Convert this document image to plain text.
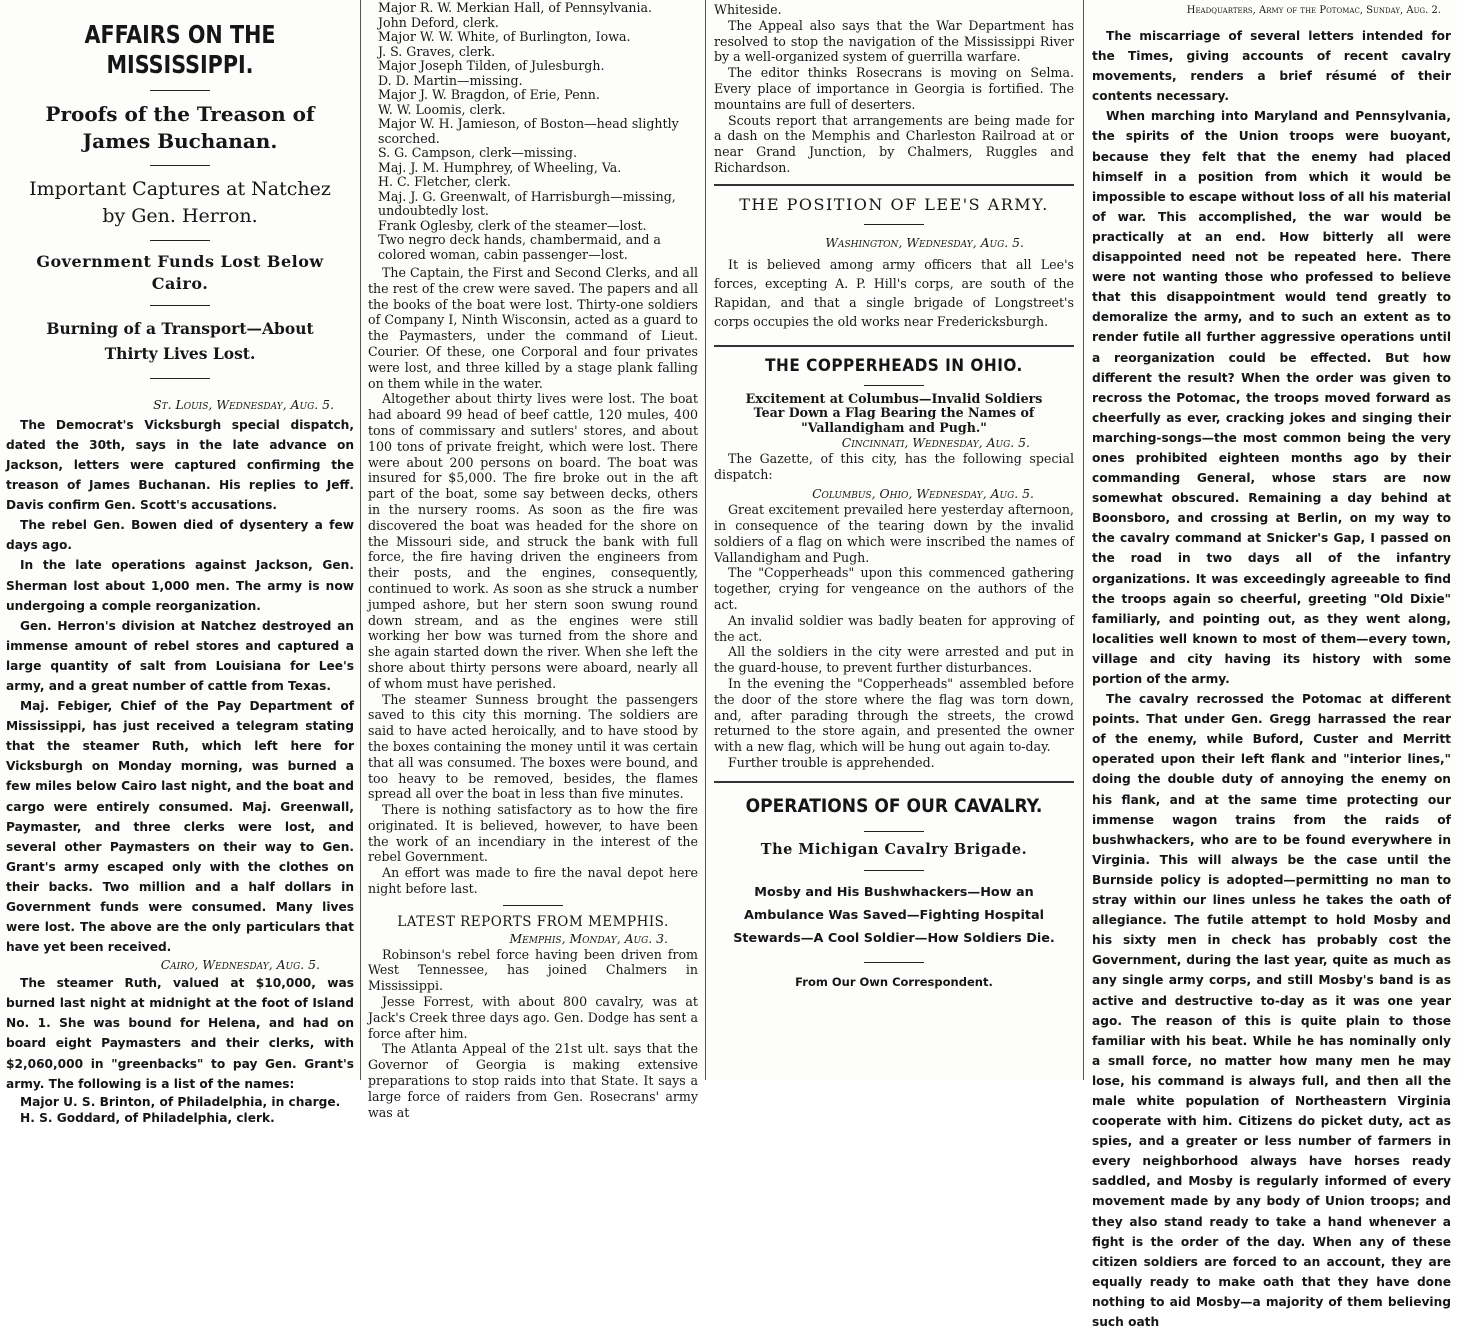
AFFAIRS ON THE MISSISSIPPI.
Proofs of the Treason of James Buchanan.
Important Captures at Natchez by Gen. Herron.
Government Funds Lost Below Cairo.
Burning of a Transport—About Thirty Lives Lost.
St. Louis, Wednesday, Aug. 5.

The Democrat's Vicksburgh special dispatch, dated the 30th, says in the late advance on Jackson, letters were captured confirming the treason of James Buchanan. His replies to Jeff. Davis confirm Gen. Scott's accusations.

The rebel Gen. Bowen died of dysentery a few days ago.

In the late operations against Jackson, Gen. Sherman lost about 1,000 men. The army is now undergoing a comple reorganization.

Gen. Herron's division at Natchez destroyed an immense amount of rebel stores and captured a large quantity of salt from Louisiana for Lee's army, and a great number of cattle from Texas.

Maj. Febiger, Chief of the Pay Department of Mississippi, has just received a telegram stating that the steamer Ruth, which left here for Vicksburgh on Monday morning, was burned a few miles below Cairo last night, and the boat and cargo were entirely consumed. Maj. Greenwall, Paymaster, and three clerks were lost, and several other Paymasters on their way to Gen. Grant's army escaped only with the clothes on their backs. Two million and a half dollars in Government funds were consumed. Many lives were lost. The above are the only particulars that have yet been received.

Cairo, Wednesday, Aug. 5.

The steamer Ruth, valued at $10,000, was burned last night at midnight at the foot of Island No. 1. She was bound for Helena, and had on board eight Paymasters and their clerks, with $2,060,000 in "greenbacks" to pay Gen. Grant's army. The following is a list of the names:

Major U. S. Brinton, of Philadelphia, in charge.

H. S. Goddard, of Philadelphia, clerk.

Major R. W. Merkian Hall, of Pennsylvania.

John Deford, clerk.

Major W. W. White, of Burlington, Iowa.

J. S. Graves, clerk.

Major Joseph Tilden, of Julesburgh.

D. D. Martin—missing.

Major J. W. Bragdon, of Erie, Penn.

W. W. Loomis, clerk.

Major W. H. Jamieson, of Boston—head slightly scorched.

S. G. Campson, clerk—missing.

Maj. J. M. Humphrey, of Wheeling, Va.

H. C. Fletcher, clerk.

Maj. J. G. Greenwalt, of Harrisburgh—missing, undoubtedly lost.

Frank Oglesby, clerk of the steamer—lost.

Two negro deck hands, chambermaid, and a colored woman, cabin passenger—lost.

The Captain, the First and Second Clerks, and all the rest of the crew were saved. The papers and all the books of the boat were lost. Thirty-one soldiers of Company I, Ninth Wisconsin, acted as a guard to the Paymasters, under the command of Lieut. Courier. Of these, one Corporal and four privates were lost, and three killed by a stage plank falling on them while in the water.

Altogether about thirty lives were lost. The boat had aboard 99 head of beef cattle, 120 mules, 400 tons of commissary and sutlers' stores, and about 100 tons of private freight, which were lost. There were about 200 persons on board. The boat was insured for $5,000. The fire broke out in the aft part of the boat, some say between decks, others in the nursery rooms. As soon as the fire was discovered the boat was headed for the shore on the Missouri side, and struck the bank with full force, the fire having driven the engineers from their posts, and the engines, consequently, continued to work. As soon as she struck a number jumped ashore, but her stern soon swung round down stream, and as the engines were still working her bow was turned from the shore and she again started down the river. When she left the shore about thirty persons were aboard, nearly all of whom must have perished.

The steamer Sunness brought the passengers saved to this city this morning. The soldiers are said to have acted heroically, and to have stood by the boxes containing the money until it was certain that all was consumed. The boxes were bound, and too heavy to be removed, besides, the flames spread all over the boat in less than five minutes.

There is nothing satisfactory as to how the fire originated. It is believed, however, to have been the work of an incendiary in the interest of the rebel Government.

An effort was made to fire the naval depot here night before last.

LATEST REPORTS FROM MEMPHIS.
Memphis, Monday, Aug. 3.

Robinson's rebel force having been driven from West Tennessee, has joined Chalmers in Mississippi.

Jesse Forrest, with about 800 cavalry, was at Jack's Creek three days ago. Gen. Dodge has sent a force after him.

The Atlanta Appeal of the 21st ult. says that the Governor of Georgia is making extensive preparations to stop raids into that State. It says a large force of raiders from Gen. Rosecrans' army was at

Whiteside.

The Appeal also says that the War Department has resolved to stop the navigation of the Mississippi River by a well-organized system of guerrilla warfare.

The editor thinks Rosecrans is moving on Selma. Every place of importance in Georgia is fortified. The mountains are full of deserters.

Scouts report that arrangements are being made for a dash on the Memphis and Charleston Railroad at or near Grand Junction, by Chalmers, Ruggles and Richardson.

THE POSITION OF LEE'S ARMY.
Washington, Wednesday, Aug. 5.

It is believed among army officers that all Lee's forces, excepting A. P. Hill's corps, are south of the Rapidan, and that a single brigade of Longstreet's corps occupies the old works near Fredericksburgh.

THE COPPERHEADS IN OHIO.
Excitement at Columbus—Invalid Soldiers Tear Down a Flag Bearing the Names of "Vallandigham and Pugh."
Cincinnati, Wednesday, Aug. 5.

The Gazette, of this city, has the following special dispatch:

Columbus, Ohio, Wednesday, Aug. 5.

Great excitement prevailed here yesterday afternoon, in consequence of the tearing down by the invalid soldiers of a flag on which were inscribed the names of Vallandigham and Pugh.

The "Copperheads" upon this commenced gathering together, crying for vengeance on the authors of the act.

An invalid soldier was badly beaten for approving of the act.

All the soldiers in the city were arrested and put in the guard-house, to prevent further disturbances.

In the evening the "Copperheads" assembled before the door of the store where the flag was torn down, and, after parading through the streets, the crowd returned to the store again, and presented the owner with a new flag, which will be hung out again to-day.

Further trouble is apprehended.

OPERATIONS OF OUR CAVALRY.
The Michigan Cavalry Brigade.
Mosby and His Bushwhackers—How an Ambulance Was Saved—Fighting Hospital Stewards—A Cool Soldier—How Soldiers Die.
From Our Own Correspondent.
Headquarters, Army of the Potomac, Sunday, Aug. 2.

The miscarriage of several letters intended for the Times, giving accounts of recent cavalry movements, renders a brief résumé of their contents necessary.

When marching into Maryland and Pennsylvania, the spirits of the Union troops were buoyant, because they felt that the enemy had placed himself in a position from which it would be impossible to escape without loss of all his material of war. This accomplished, the war would be practically at an end. How bitterly all were disappointed need not be repeated here. There were not wanting those who professed to believe that this disappointment would tend greatly to demoralize the army, and to such an extent as to render futile all further aggressive operations until a reorganization could be effected. But how different the result? When the order was given to recross the Potomac, the troops moved forward as cheerfully as ever, cracking jokes and singing their marching-songs—the most common being the very ones prohibited eighteen months ago by their commanding General, whose stars are now somewhat obscured. Remaining a day behind at Boonsboro, and crossing at Berlin, on my way to the cavalry command at Snicker's Gap, I passed on the road in two days all of the infantry organizations. It was exceedingly agreeable to find the troops again so cheerful, greeting "Old Dixie" familiarly, and pointing out, as they went along, localities well known to most of them—every town, village and city having its history with some portion of the army.

The cavalry recrossed the Potomac at different points. That under Gen. Gregg harrassed the rear of the enemy, while Buford, Custer and Merritt operated upon their left flank and "interior lines," doing the double duty of annoying the enemy on his flank, and at the same time protecting our immense wagon trains from the raids of bushwhackers, who are to be found everywhere in Virginia. This will always be the case until the Burnside policy is adopted—permitting no man to stray within our lines unless he takes the oath of allegiance. The futile attempt to hold Mosby and his sixty men in check has probably cost the Government, during the last year, quite as much as any single army corps, and still Mosby's band is as active and destructive to-day as it was one year ago. The reason of this is quite plain to those familiar with his beat. While he has nominally only a small force, no matter how many men he may lose, his command is always full, and then all the male white population of Northeastern Virginia cooperate with him. Citizens do picket duty, act as spies, and a greater or less number of farmers in every neighborhood always have horses ready saddled, and Mosby is regularly informed of every movement made by any body of Union troops; and they also stand ready to take a hand whenever a fight is the order of the day. When any of these citizen soldiers are forced to an account, they are equally ready to make oath that they have done nothing to aid Mosby—a majority of them believing such oath
